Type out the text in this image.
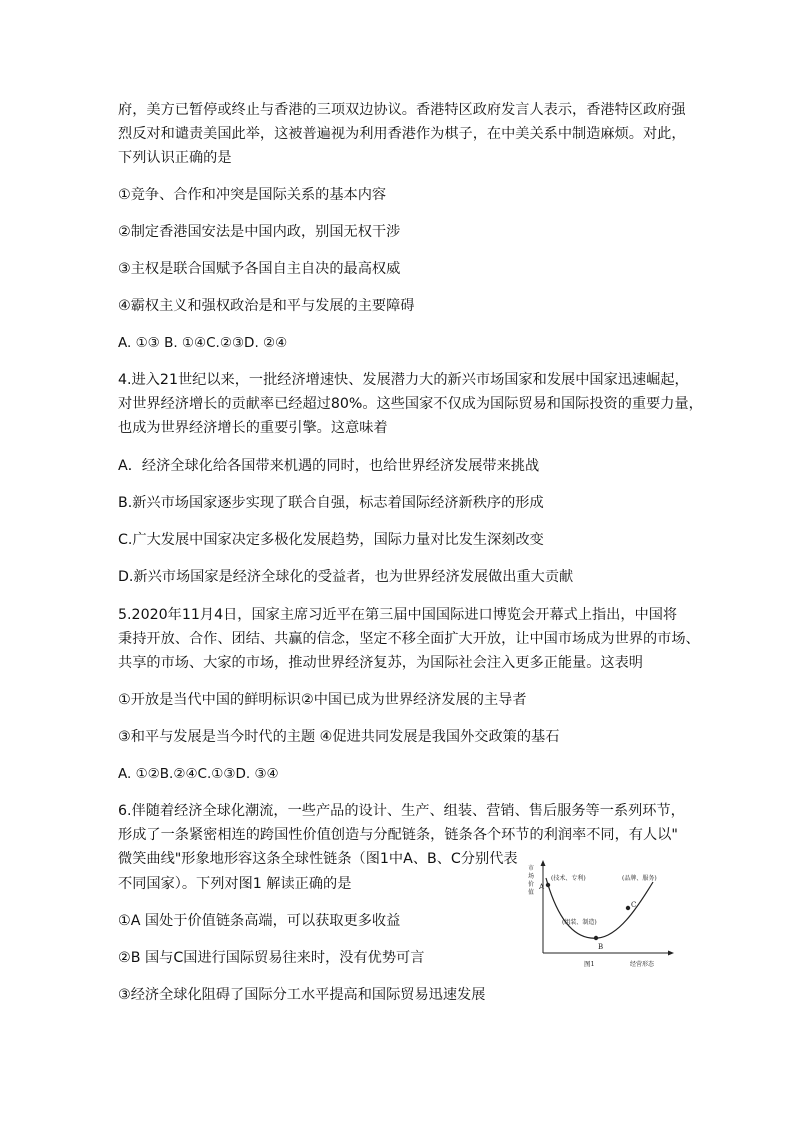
府，美方已暂停或终止与香港的三项双边协议。香港特区政府发言人表示，香港特区政府强
烈反对和谴责美国此举，这被普遍视为利用香港作为棋子，在中美关系中制造麻烦。对此，
下列认识正确的是
①竞争、合作和冲突是国际关系的基本内容
②制定香港国安法是中国内政，别国无权干涉
③主权是联合国赋予各国自主自决的最高权威
④霸权主义和强权政治是和平与发展的主要障碍
A. ①③ B. ①④C.②③D. ②④
4.进入21世纪以来，一批经济增速快、发展潜力大的新兴市场国家和发展中国家迅速崛起，
对世界经济增长的贡献率已经超过80%。这些国家不仅成为国际贸易和国际投资的重要力量，
也成为世界经济增长的重要引擎。这意味着
A．经济全球化给各国带来机遇的同时，也给世界经济发展带来挑战
B.新兴市场国家逐步实现了联合自强，标志着国际经济新秩序的形成
C.广大发展中国家决定多极化发展趋势，国际力量对比发生深刻改变
D.新兴市场国家是经济全球化的受益者，也为世界经济发展做出重大贡献
5.2020年11月4日，国家主席习近平在第三届中国国际进口博览会开幕式上指出，中国将
秉持开放、合作、团结、共赢的信念，坚定不移全面扩大开放，让中国市场成为世界的市场、
共享的市场、大家的市场，推动世界经济复苏，为国际社会注入更多正能量。这表明
①开放是当代中国的鲜明标识②中国已成为世界经济发展的主导者
③和平与发展是当今时代的主题 ④促进共同发展是我国外交政策的基石
A. ①②B.②④C.①③D. ③④
6.伴随着经济全球化潮流，一些产品的设计、生产、组装、营销、售后服务等一系列环节，
形成了一条紧密相连的跨国性价值创造与分配链条，链条各个环节的利润率不同，有人以"
微笑曲线"形象地形容这条全球性链条（图1中A、B、C分别代表
不同国家）。下列对图1 解读正确的是
①A 国处于价值链条高端，可以获取更多收益
②B 国与C国进行国际贸易往来时，没有优势可言
③经济全球化阻碍了国际分工水平提高和国际贸易迅速发展
市
场
价
值
A
B
C
(技术、专利)
(组装、制造)
(品牌、服务)
图1	经营形态
